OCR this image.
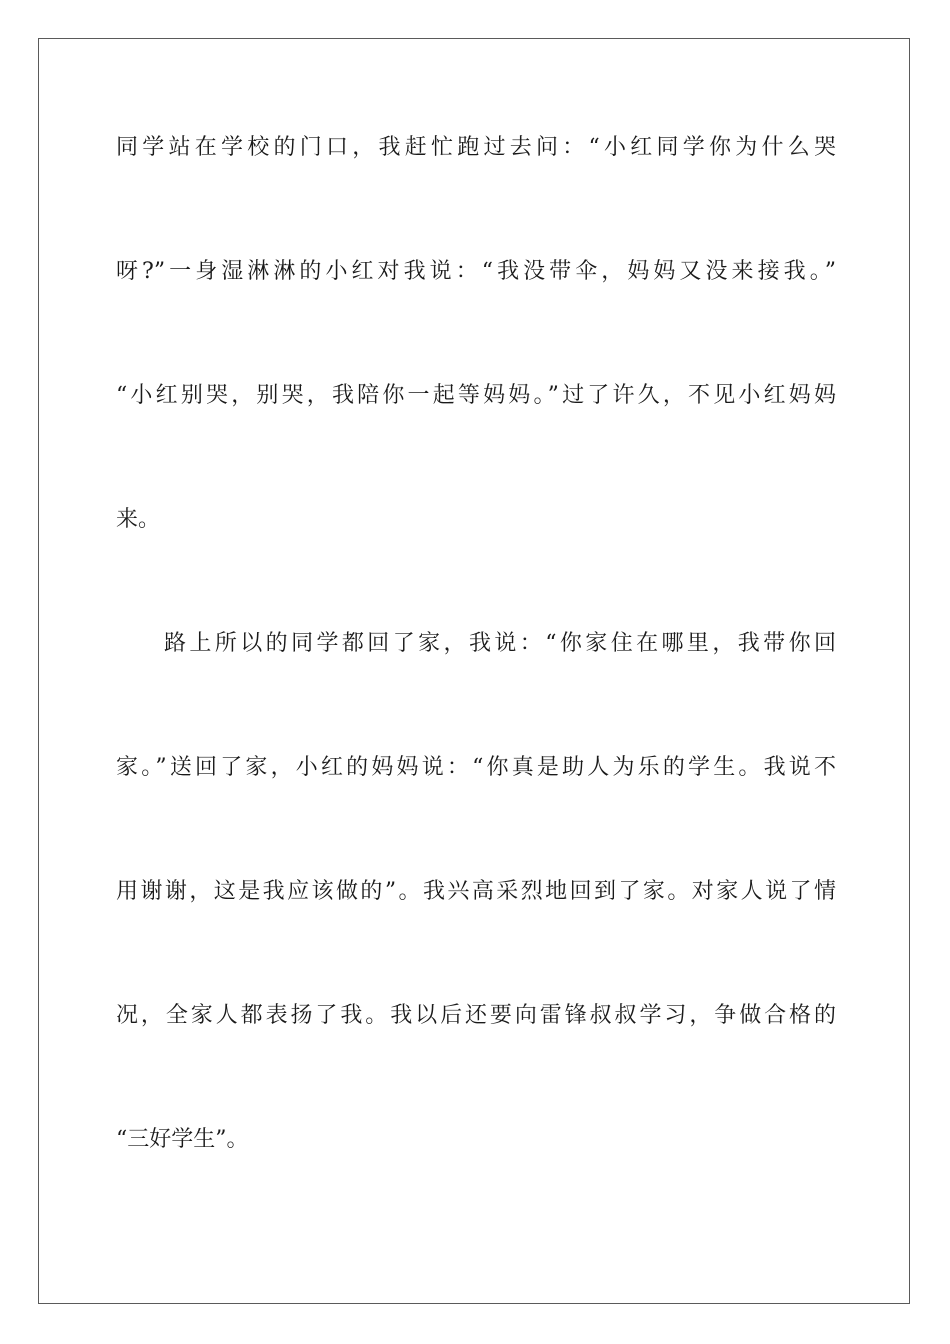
同学站在学校的门口，我赶忙跑过去问：“小红同学你为什么哭
呀?”一身湿淋淋的小红对我说：“我没带伞，妈妈又没来接我。”
“小红别哭，别哭，我陪你一起等妈妈。”过了许久，不见小红妈妈
来。
路上所以的同学都回了家，我说：“你家住在哪里，我带你回
家。”送回了家，小红的妈妈说：“你真是助人为乐的学生。我说不
用谢谢，这是我应该做的”。我兴高采烈地回到了家。对家人说了情
况，全家人都表扬了我。我以后还要向雷锋叔叔学习，争做合格的
“三好学生”。
